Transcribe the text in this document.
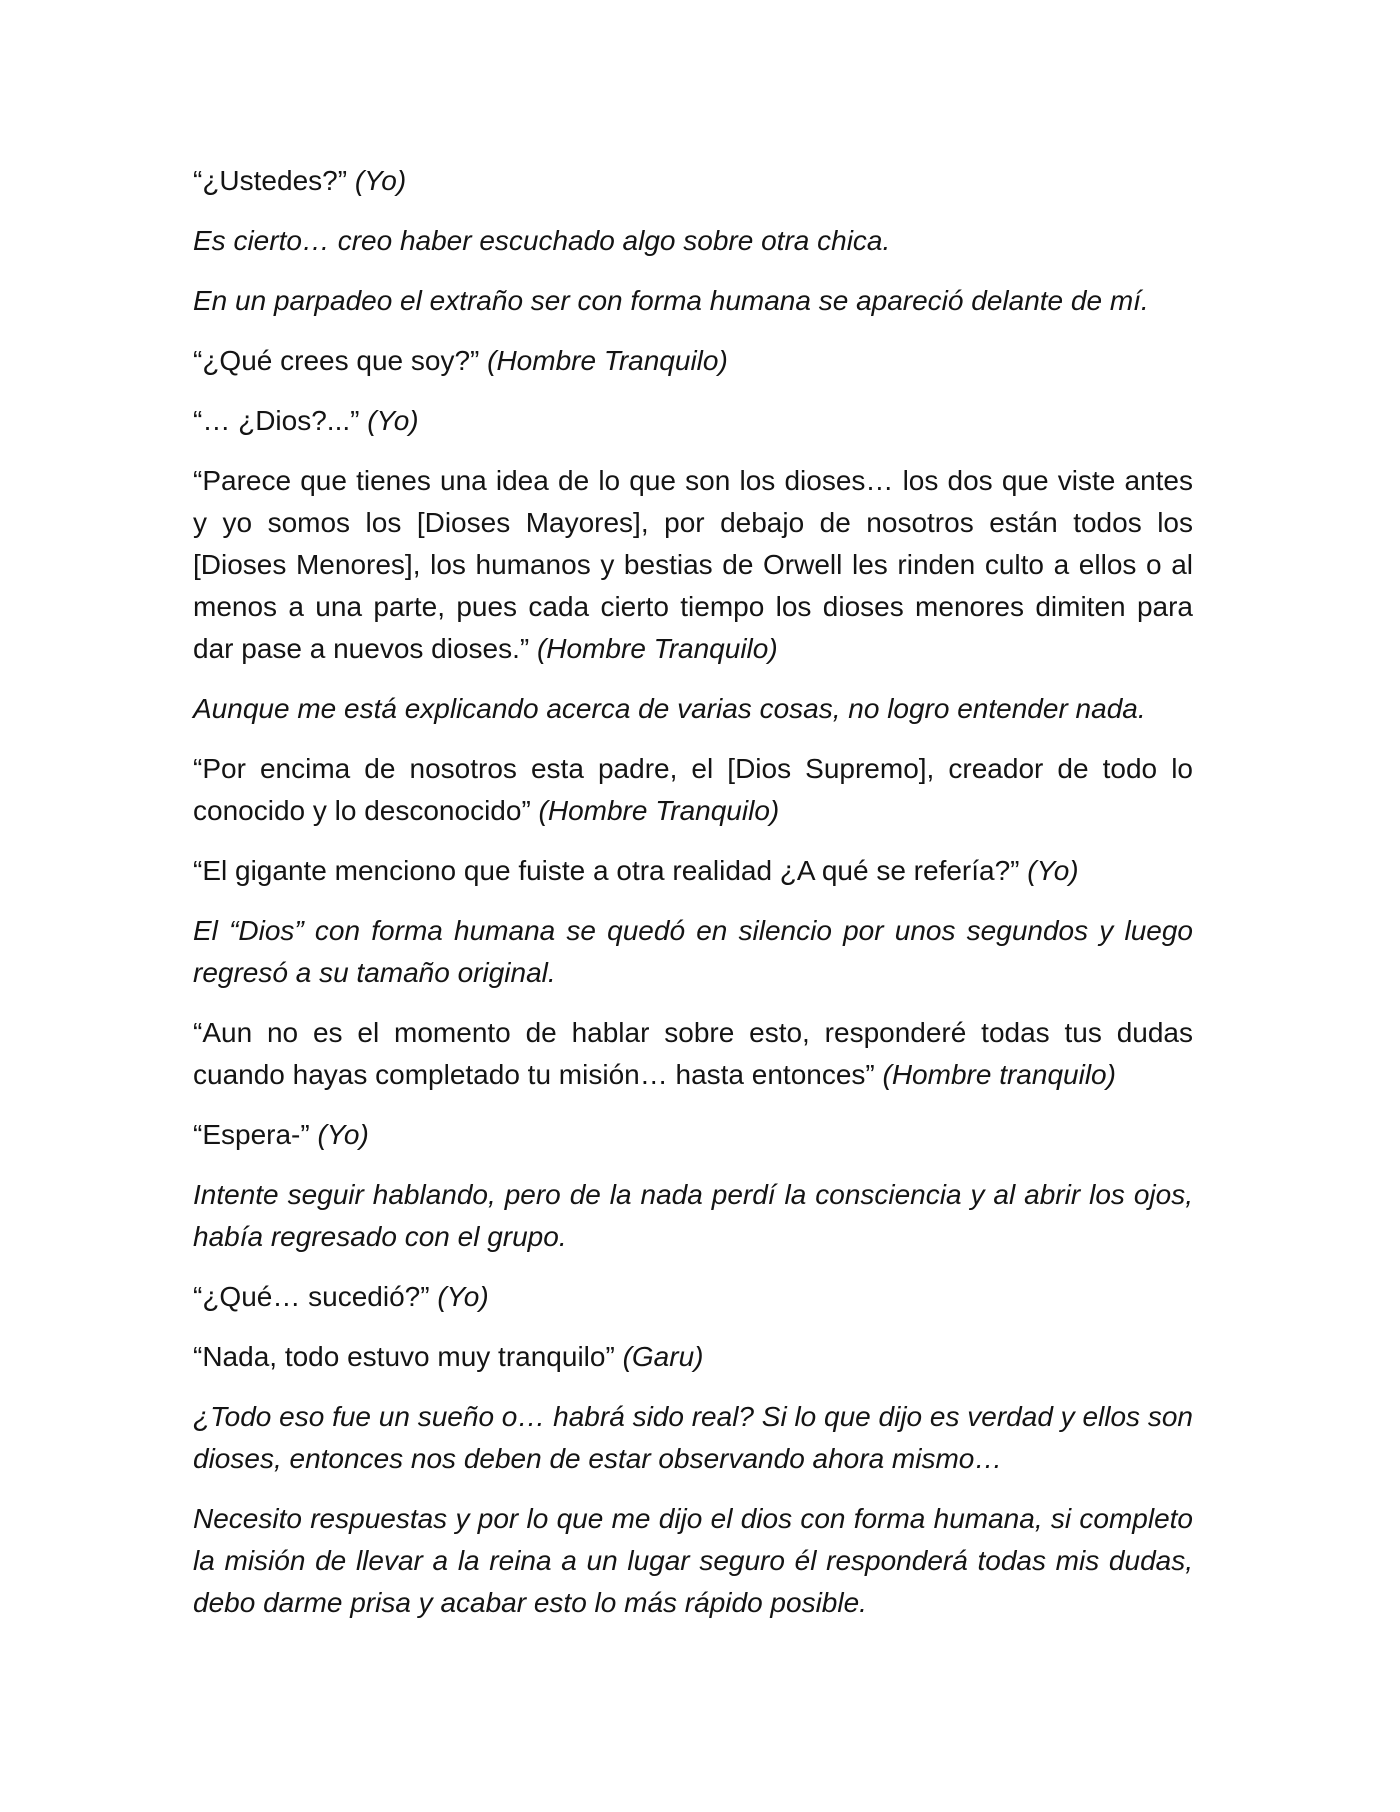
“¿Ustedes?” (Yo)

Es cierto… creo haber escuchado algo sobre otra chica.

En un parpadeo el extraño ser con forma humana se apareció delante de mí.

“¿Qué crees que soy?” (Hombre Tranquilo)

“… ¿Dios?...” (Yo)

“Parece que tienes una idea de lo que son los dioses… los dos que viste antes y yo somos los [Dioses Mayores], por debajo de nosotros están todos los [Dioses Menores], los humanos y bestias de Orwell les rinden culto a ellos o al menos a una parte, pues cada cierto tiempo los dioses menores dimiten para dar pase a nuevos dioses.” (Hombre Tranquilo)

Aunque me está explicando acerca de varias cosas, no logro entender nada.

“Por encima de nosotros esta padre, el [Dios Supremo], creador de todo lo conocido y lo desconocido” (Hombre Tranquilo)

“El gigante menciono que fuiste a otra realidad ¿A qué se refería?” (Yo)

El “Dios” con forma humana se quedó en silencio por unos segundos y luego regresó a su tamaño original.

“Aun no es el momento de hablar sobre esto, responderé todas tus dudas cuando hayas completado tu misión… hasta entonces” (Hombre tranquilo)

“Espera-” (Yo)

Intente seguir hablando, pero de la nada perdí la consciencia y al abrir los ojos, había regresado con el grupo.

“¿Qué… sucedió?” (Yo)

“Nada, todo estuvo muy tranquilo” (Garu)

¿Todo eso fue un sueño o… habrá sido real? Si lo que dijo es verdad y ellos son dioses, entonces nos deben de estar observando ahora mismo…

Necesito respuestas y por lo que me dijo el dios con forma humana, si completo la misión de llevar a la reina a un lugar seguro él responderá todas mis dudas, debo darme prisa y acabar esto lo más rápido posible.
